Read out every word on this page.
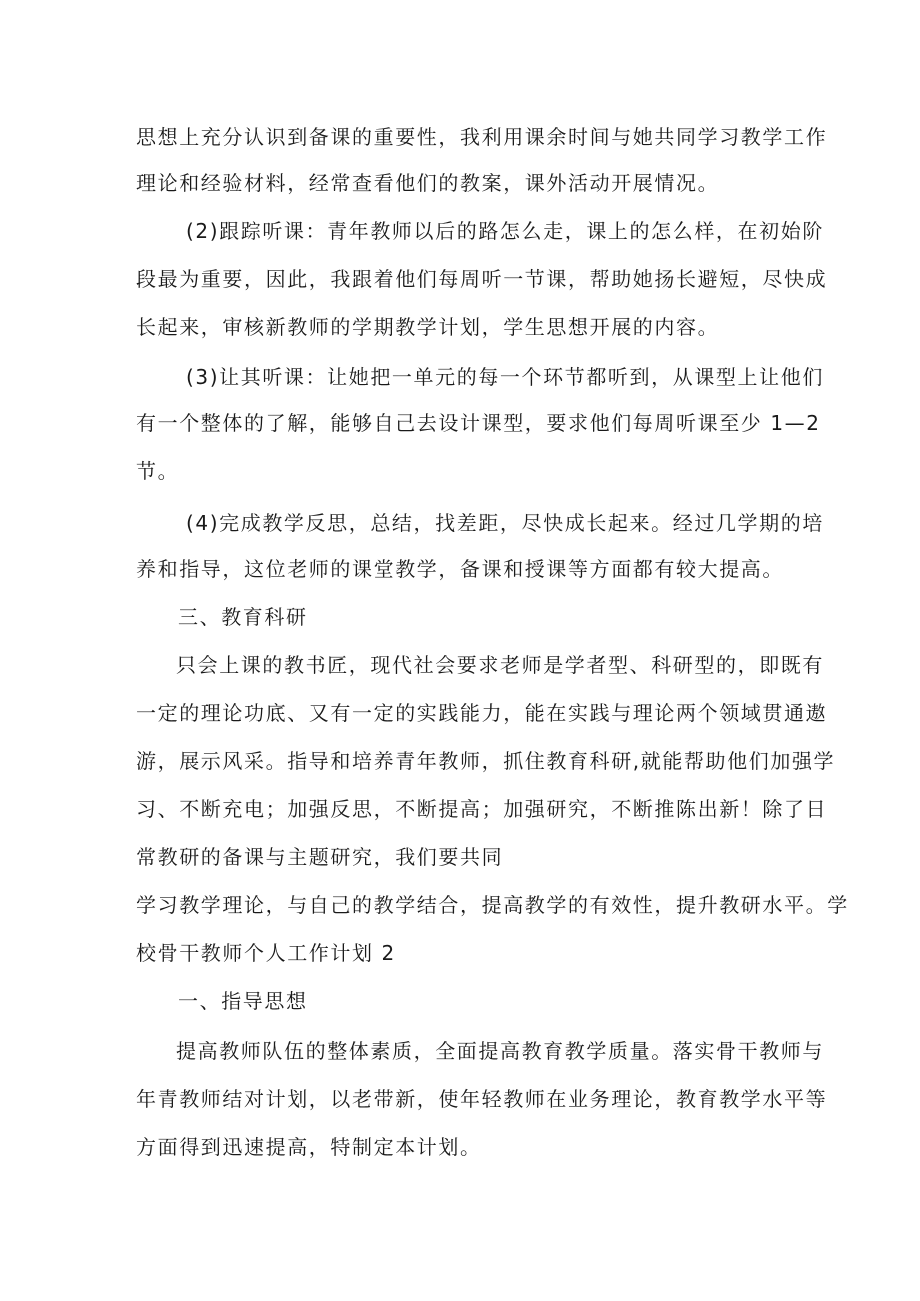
思想上充分认识到备课的重要性，我利用课余时间与她共同学习教学工作
理论和经验材料，经常查看他们的教案，课外活动开展情况。
(2)跟踪听课：青年教师以后的路怎么走，课上的怎么样，在初始阶
段最为重要，因此，我跟着他们每周听一节课，帮助她扬长避短，尽快成
长起来，审核新教师的学期教学计划，学生思想开展的内容。
(3)让其听课：让她把一单元的每一个环节都听到，从课型上让他们
有一个整体的了解，能够自己去设计课型，要求他们每周听课至少 1—2
节。
(4)完成教学反思，总结，找差距，尽快成长起来。经过几学期的培
养和指导，这位老师的课堂教学，备课和授课等方面都有较大提高。
三、教育科研
只会上课的教书匠，现代社会要求老师是学者型、科研型的，即既有
一定的理论功底、又有一定的实践能力，能在实践与理论两个领域贯通遨
游，展示风采。指导和培养青年教师，抓住教育科研,就能帮助他们加强学
习、不断充电；加强反思，不断提高；加强研究，不断推陈出新！除了日
常教研的备课与主题研究，我们要共同
学习教学理论，与自己的教学结合，提高教学的有效性，提升教研水平。学
校骨干教师个人工作计划 2
一、指导思想
提高教师队伍的整体素质，全面提高教育教学质量。落实骨干教师与
年青教师结对计划，以老带新，使年轻教师在业务理论，教育教学水平等
方面得到迅速提高，特制定本计划。
